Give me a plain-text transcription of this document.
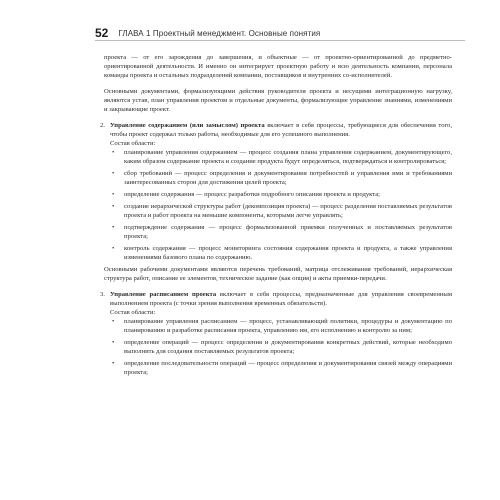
52 ГЛАВА 1 Проектный менеджмент. Основные понятия

проекта — от его зарождения до завершения, и объектные — от проектно-ориентированной до предметно-ориентированной деятельности. И именно он интегрирует проектную работу и всю деятельность компании, персонала команды проекта и остальных подразделений компании, поставщиков и внутренних со-исполнителей.

Основными документами, формализующими действия руководителя проекта и несущими интеграционную нагрузку, являются устав, план управления проектом и отдельные документы, формализующие управление знаниями, изменениями и закрывающие проект.

2. Управление содержанием (или замыслом) проекта включает в себя процессы, требующиеся для обеспечения того, чтобы проект содержал только работы, необходимые для его успешного выполнения.

Состав области:

•	планирование управления содержанием — процесс создания плана управления содержанием, документирующего, каким образом содержание проекта и создание продукта будут определяться, подтверждаться и контролироваться;

•	сбор требований — процесс определения и документирования потребностей и управления ими и требованиями заинтересованных сторон для достижения целей проекта;

•	определение содержания — процесс разработки подробного описания проекта и продукта;

•	создание иерархической структуры работ (декомпозиция проекта) — процесс разделения поставляемых результатов проекта и работ проекта на меньшие компоненты, которыми легче управлять;

•	подтверждение содержания — процесс формализованной приемки полученных и поставляемых результатов проекта;

•	контроль содержания — процесс мониторинга состояния содержания проекта и продукта, а также управления изменениями базового плана по содержанию.

Основными рабочими документами являются перечень требований, матрица отслеживания требований, иерархическая структура работ, описание ее элементов, техническое задание (как опция) и акты приемки-передачи.

3. Управление расписанием проекта включает в себя процессы, предназначенные для управления своевременным выполнением проекта (с точки зрения выполнения временных обязательств).

Состав области:

•	планирование управления расписанием — процесс, устанавливающий политики, процедуры и документацию по планированию и разработке расписания проекта, управлению им, его исполнению и контролю за ним;

•	определение операций — процесс определения и документирования конкретных действий, которые необходимо выполнить для создания поставляемых результатов проекта;

•	определение последовательности операций — процесс определения и документирования связей между операциями проекта;
